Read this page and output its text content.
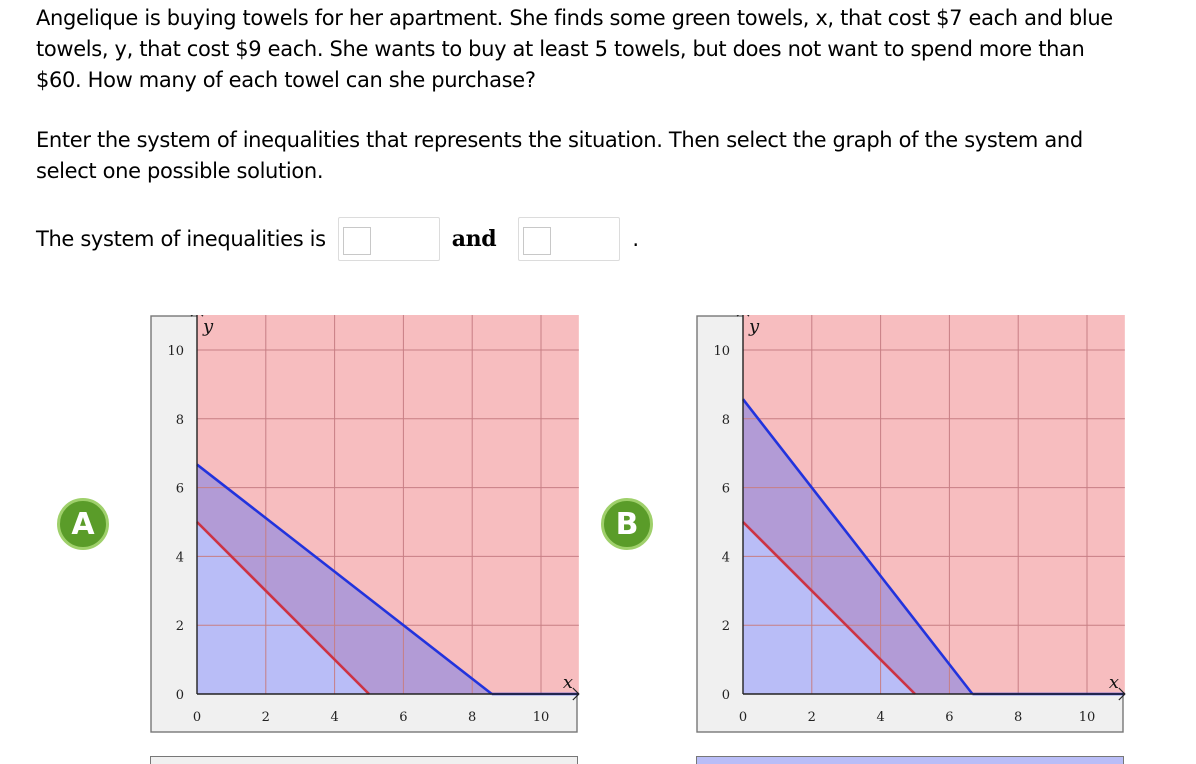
Angelique is buying towels for her apartment. She finds some green towels, x, that cost $7 each and blue
towels, y, that cost $9 each. She wants to buy at least 5 towels, but does not want to spend more than
$60. How many of each towel can she purchase?

Enter the system of inequalities that represents the situation. Then select the graph of the system and
select one possible solution.

The system of inequalities is	and	.
A	B
0	2	4	6	8	10
0
2
4
6
8
10
x
y
0	2	4	6	8	10
0
2
4
6
8
10
x
y
